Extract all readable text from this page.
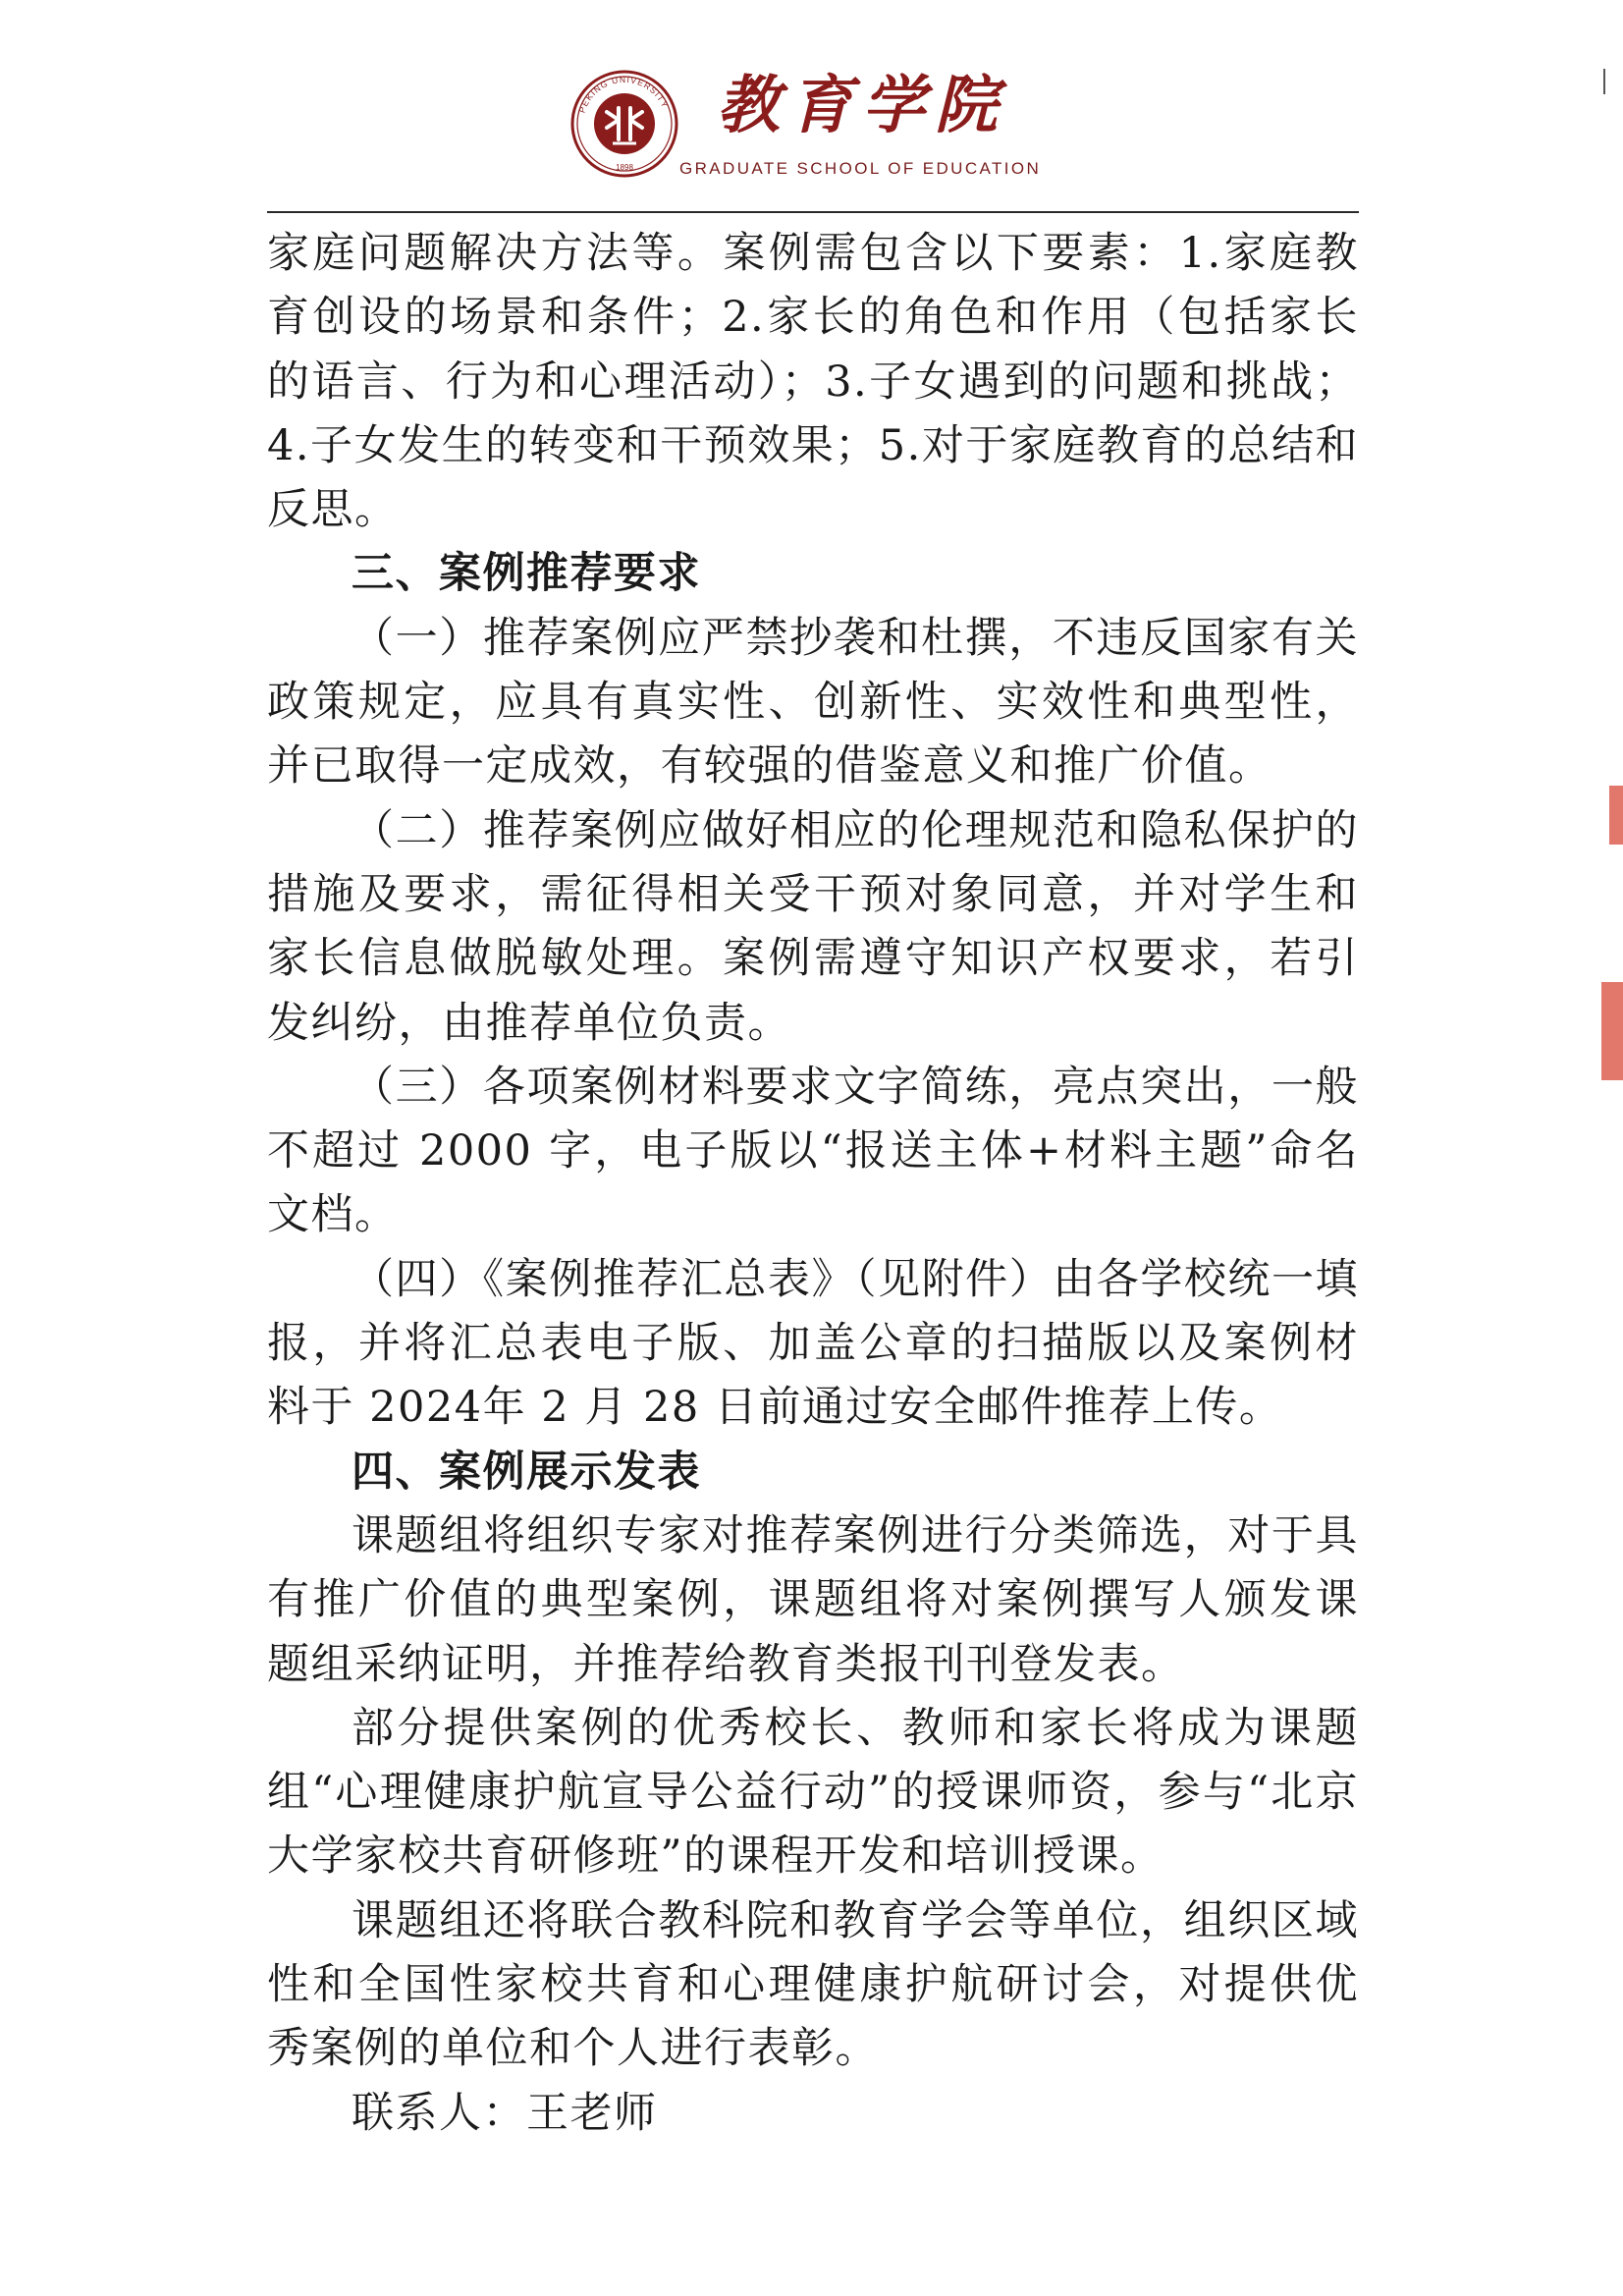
PEKING UNIVERSITY
1898
教育学院
GRADUATE SCHOOL OF EDUCATION

家庭问题解决方法等。案例需包含以下要素：1.家庭教育创设的场景和条件；2.家长的角色和作用（包括家长的语言、行为和心理活动）；3.子女遇到的问题和挑战；4.子女发生的转变和干预效果；5.对于家庭教育的总结和反思。

三、案例推荐要求

（一）推荐案例应严禁抄袭和杜撰，不违反国家有关政策规定，应具有真实性、创新性、实效性和典型性，并已取得一定成效，有较强的借鉴意义和推广价值。

（二）推荐案例应做好相应的伦理规范和隐私保护的措施及要求，需征得相关受干预对象同意，并对学生和家长信息做脱敏处理。案例需遵守知识产权要求，若引发纠纷，由推荐单位负责。

（三）各项案例材料要求文字简练，亮点突出，一般不超过 2000 字，电子版以“报送主体+材料主题”命名文档。

（四）《案例推荐汇总表》（见附件）由各学校统一填报，并将汇总表电子版、加盖公章的扫描版以及案例材料于 2024年 2 月 28 日前通过安全邮件推荐上传。

四、案例展示发表

课题组将组织专家对推荐案例进行分类筛选，对于具有推广价值的典型案例，课题组将对案例撰写人颁发课题组采纳证明，并推荐给教育类报刊刊登发表。

部分提供案例的优秀校长、教师和家长将成为课题组“心理健康护航宣导公益行动”的授课师资，参与“北京大学家校共育研修班”的课程开发和培训授课。

课题组还将联合教科院和教育学会等单位，组织区域性和全国性家校共育和心理健康护航研讨会，对提供优秀案例的单位和个人进行表彰。

联系人：王老师
